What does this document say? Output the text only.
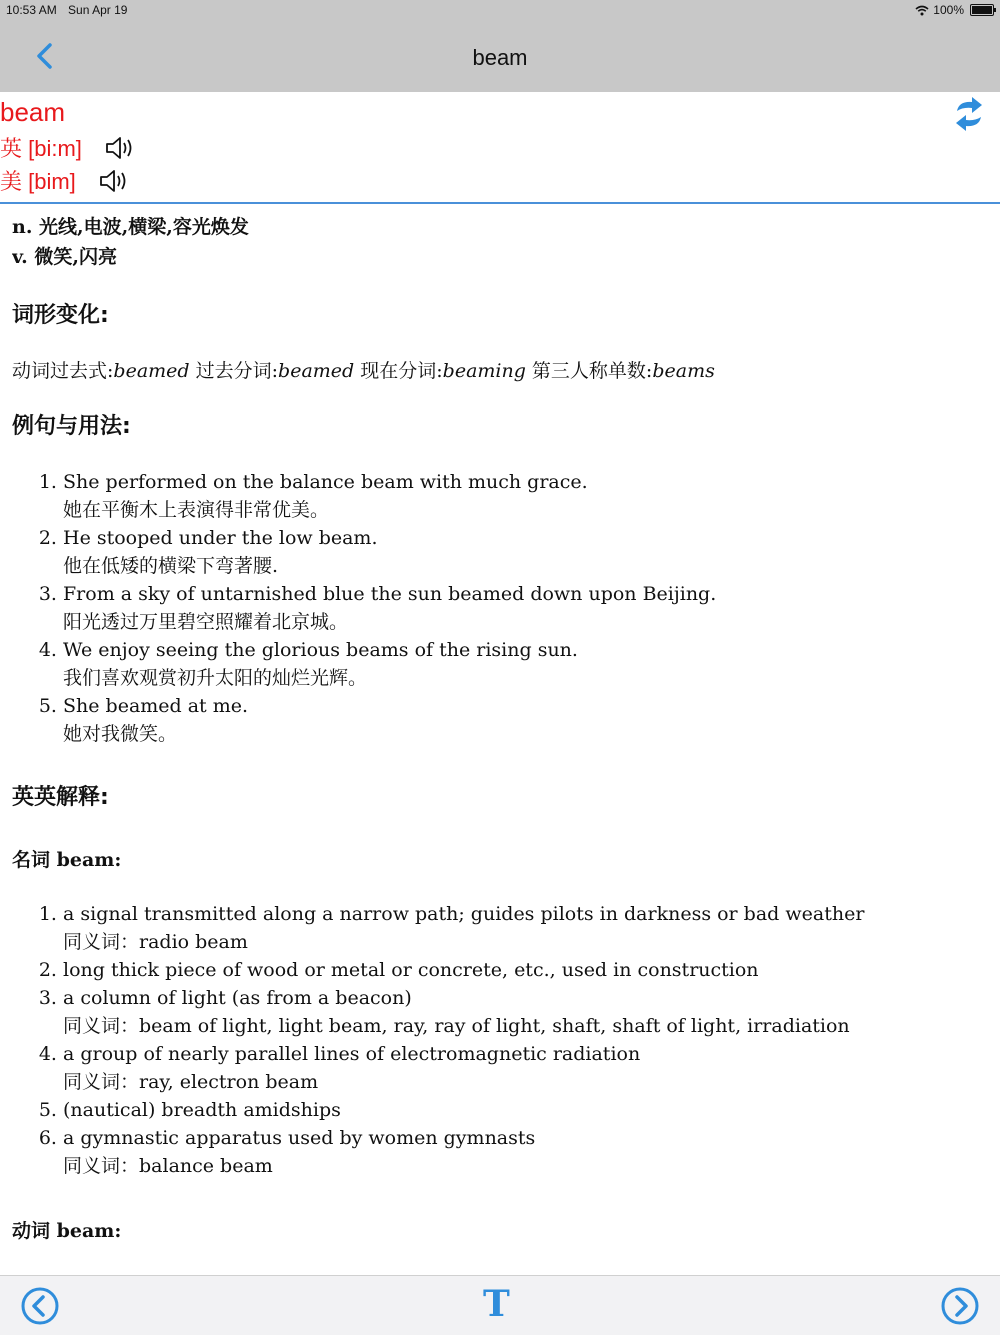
10:53 AM Sun Apr 19	100%
beam
beam
英 [bi:m]
美 [bim]
n. 光线,电波,横梁,容光焕发
v. 微笑,闪亮
词形变化:
动词过去式:beamed 过去分词:beamed 现在分词:beaming 第三人称单数:beams
例句与用法:
1. She performed on the balance beam with much grace.
她在平衡木上表演得非常优美。
2. He stooped under the low beam.
他在低矮的横梁下弯著腰.
3. From a sky of untarnished blue the sun beamed down upon Beijing.
阳光透过万里碧空照耀着北京城。
4. We enjoy seeing the glorious beams of the rising sun.
我们喜欢观赏初升太阳的灿烂光辉。
5. She beamed at me.
她对我微笑。
英英解释:
名词 beam:
1. a signal transmitted along a narrow path; guides pilots in darkness or bad weather
同义词：radio beam
2. long thick piece of wood or metal or concrete, etc., used in construction
3. a column of light (as from a beacon)
同义词：beam of light, light beam, ray, ray of light, shaft, shaft of light, irradiation
4. a group of nearly parallel lines of electromagnetic radiation
同义词：ray, electron beam
5. (nautical) breadth amidships
6. a gymnastic apparatus used by women gymnasts
同义词：balance beam
动词 beam:
1.
T
